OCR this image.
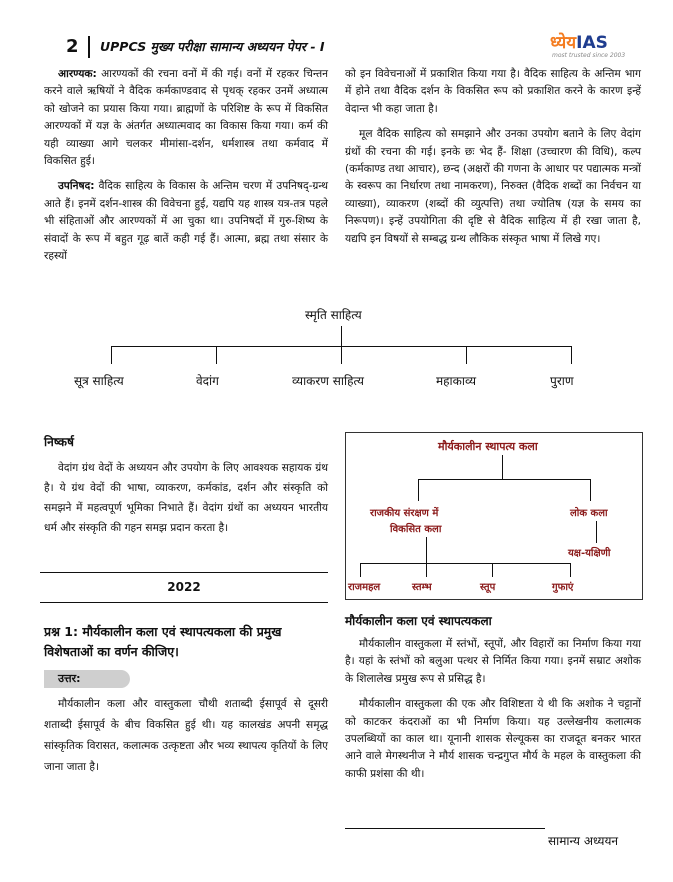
2 UPPCS मुख्य परीक्षा सामान्य अध्ययन पेपर - I	ध्येयIAS
most trusted since 2003

आरण्यक: आरण्यकों की रचना वनों में की गई। वनों में रहकर चिन्तन करने वाले ऋषियों ने वैदिक कर्मकाण्डवाद से पृथक् रहकर उनमें अध्यात्म को खोजने का प्रयास किया गया। ब्राह्मणों के परिशिष्ट के रूप में विकसित आरण्यकों में यज्ञ के अंतर्गत अध्यात्मवाद का विकास किया गया। कर्म की यही व्याख्या आगे चलकर मीमांसा-दर्शन, धर्मशास्त्र तथा कर्मवाद में विकसित हुई।

उपनिषद: वैदिक साहित्य के विकास के अन्तिम चरण में उपनिषद्-ग्रन्थ आते हैं। इनमें दर्शन-शास्त्र की विवेचना हुई, यद्यपि यह शास्त्र यत्र-तत्र पहले भी संहिताओं और आरण्यकों में आ चुका था। उपनिषदों में गुरु-शिष्य के संवादों के रूप में बहुत गूढ़ बातें कही गई हैं। आत्मा, ब्रह्म तथा संसार के रहस्यों

को इन विवेचनाओं में प्रकाशित किया गया है। वैदिक साहित्य के अन्तिम भाग में होने तथा वैदिक दर्शन के विकसित रूप को प्रकाशित करने के कारण इन्हें वेदान्त भी कहा जाता है।

मूल वैदिक साहित्य को समझाने और उनका उपयोग बताने के लिए वेदांग ग्रंथों की रचना की गई। इनके छः भेद हैं- शिक्षा (उच्चारण की विधि), कल्प (कर्मकाण्ड तथा आचार), छन्द (अक्षरों की गणना के आधार पर पद्यात्मक मन्त्रों के स्वरूप का निर्धारण तथा नामकरण), निरुक्त (वैदिक शब्दों का निर्वचन या व्याख्या), व्याकरण (शब्दों की व्युत्पत्ति) तथा ज्योतिष (यज्ञ के समय का निरूपण)। इन्हें उपयोगिता की दृष्टि से वैदिक साहित्य में ही रखा जाता है, यद्यपि इन विषयों से सम्बद्ध ग्रन्थ लौकिक संस्कृत भाषा में लिखे गए।

स्मृति साहित्य
सूत्र साहित्य	वेदांग	व्याकरण साहित्य	महाकाव्य	पुराण
निष्कर्ष

वेदांग ग्रंथ वेदों के अध्ययन और उपयोग के लिए आवश्यक सहायक ग्रंथ है। ये ग्रंथ वेदों की भाषा, व्याकरण, कर्मकांड, दर्शन और संस्कृति को समझने में महत्वपूर्ण भूमिका निभाते हैं। वेदांग ग्रंथों का अध्ययन भारतीय धर्म और संस्कृति की गहन समझ प्रदान करता है।

2022
प्रश्न 1: मौर्यकालीन कला एवं स्थापत्यकला की प्रमुख विशेषताओं का वर्णन कीजिए।
उत्तर:

मौर्यकालीन कला और वास्तुकला चौथी शताब्दी ईसापूर्व से दूसरी शताब्दी ईसापूर्व के बीच विकसित हुई थी। यह कालखंड अपनी समृद्ध सांस्कृतिक विरासत, कलात्मक उत्कृष्टता और भव्य स्थापत्य कृतियों के लिए जाना जाता है।

मौर्यकालीन स्थापत्य कला
राजकीय संरक्षण में
विकसित कला
लोक कला
यक्ष-यक्षिणी
राजमहल	स्तम्भ	स्तूप	गुफाएं
मौर्यकालीन कला एवं स्थापत्यकला

मौर्यकालीन वास्तुकला में स्तंभों, स्तूपों, और विहारों का निर्माण किया गया है। यहां के स्तंभों को बलुआ पत्थर से निर्मित किया गया। इनमें सम्राट अशोक के शिलालेख प्रमुख रूप से प्रसिद्ध है।

मौर्यकालीन वास्तुकला की एक और विशिष्टता ये थी कि अशोक ने चट्टानों को काटकर कंदराओं का भी निर्माण किया। यह उल्लेखनीय कलात्मक उपलब्धियों का काल था। यूनानी शासक सेल्यूकस का राजदूत बनकर भारत आने वाले मेगस्थनीज ने मौर्य शासक चन्द्रगुप्त मौर्य के महल के वास्तुकला की काफी प्रशंसा की थी।

सामान्य अध्ययन
